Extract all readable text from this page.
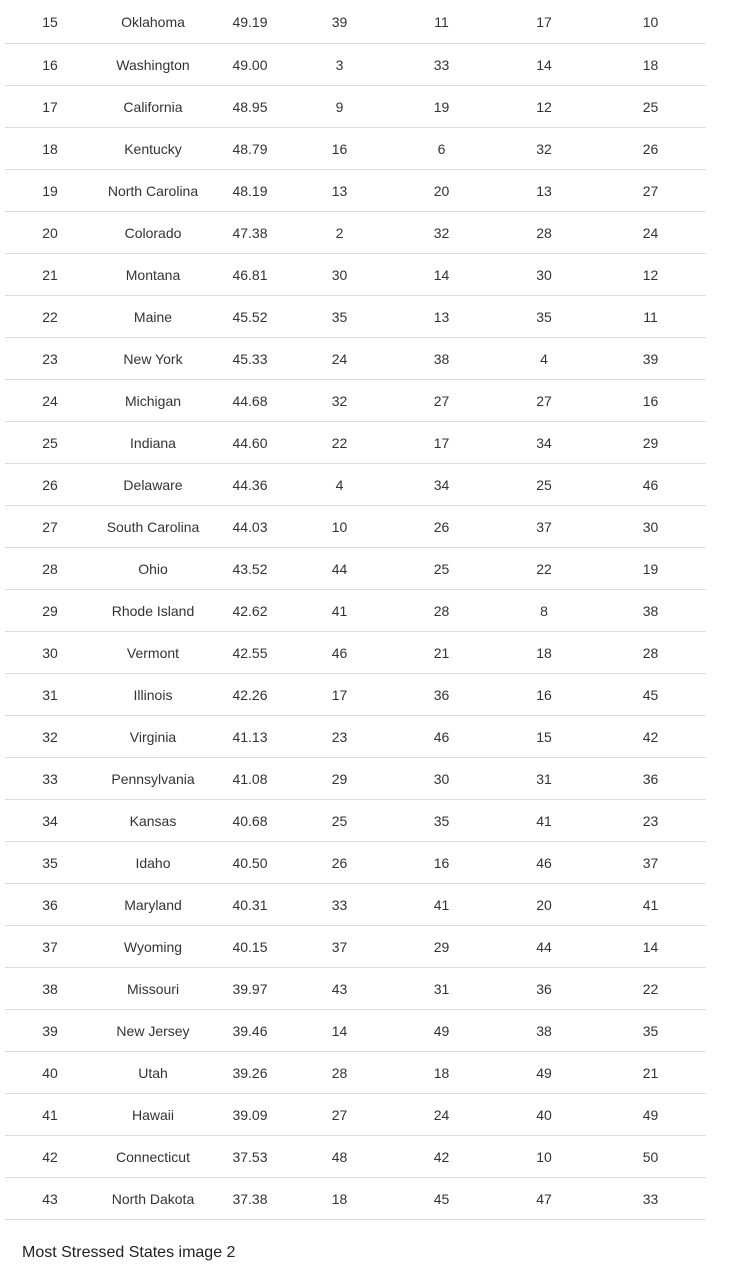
15	Oklahoma	49.19	39	11	17	10
16	Washington	49.00	3	33	14	18
17	California	48.95	9	19	12	25
18	Kentucky	48.79	16	6	32	26
19	North Carolina	48.19	13	20	13	27
20	Colorado	47.38	2	32	28	24
21	Montana	46.81	30	14	30	12
22	Maine	45.52	35	13	35	11
23	New York	45.33	24	38	4	39
24	Michigan	44.68	32	27	27	16
25	Indiana	44.60	22	17	34	29
26	Delaware	44.36	4	34	25	46
27	South Carolina	44.03	10	26	37	30
28	Ohio	43.52	44	25	22	19
29	Rhode Island	42.62	41	28	8	38
30	Vermont	42.55	46	21	18	28
31	Illinois	42.26	17	36	16	45
32	Virginia	41.13	23	46	15	42
33	Pennsylvania	41.08	29	30	31	36
34	Kansas	40.68	25	35	41	23
35	Idaho	40.50	26	16	46	37
36	Maryland	40.31	33	41	20	41
37	Wyoming	40.15	37	29	44	14
38	Missouri	39.97	43	31	36	22
39	New Jersey	39.46	14	49	38	35
40	Utah	39.26	28	18	49	21
41	Hawaii	39.09	27	24	40	49
42	Connecticut	37.53	48	42	10	50
43	North Dakota	37.38	18	45	47	33
Most Stressed States image 2
